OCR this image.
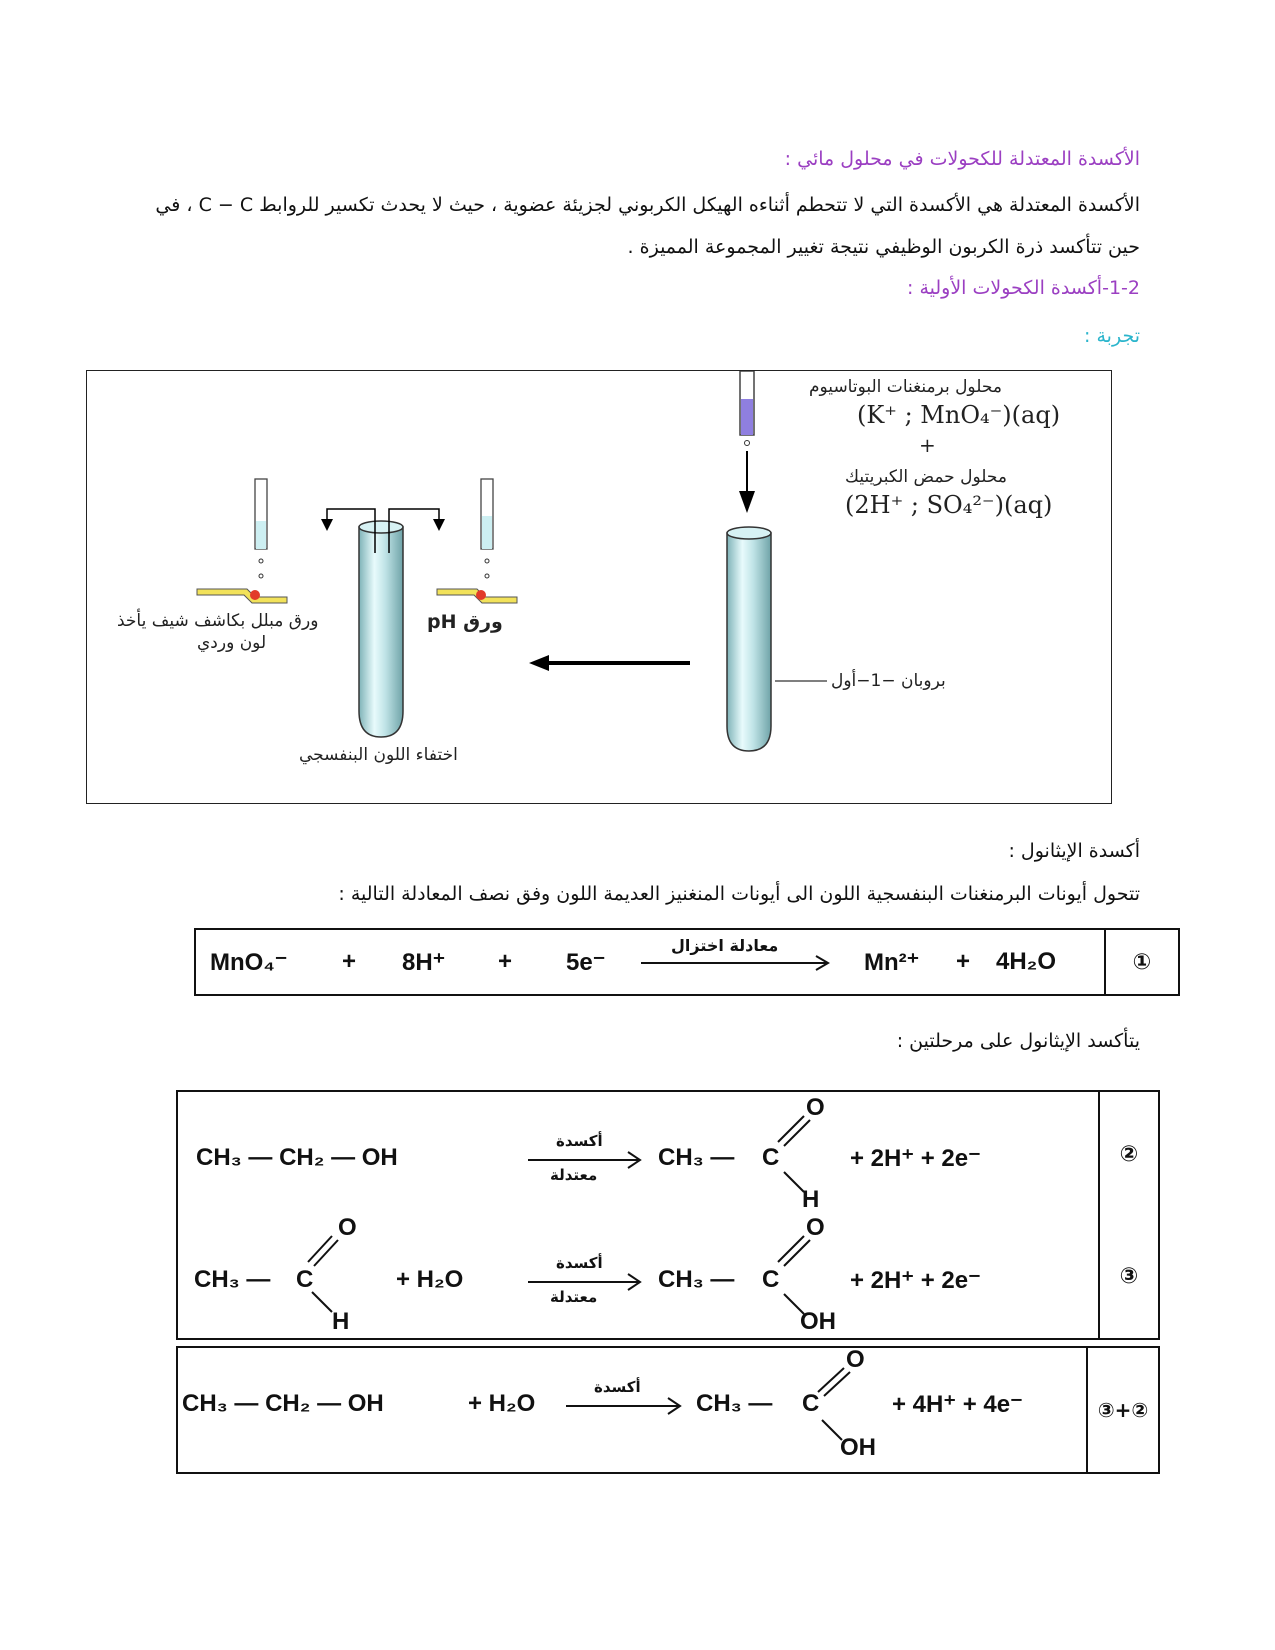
الأكسدة المعتدلة للكحولات في محلول مائي :
الأكسدة المعتدلة هي الأكسدة التي لا تتحطم أثناءه الهيكل الكربوني لجزيئة عضوية ، حيث لا يحدث تكسير للروابط C − C ، في
حين تتأكسد ذرة الكربون الوظيفي نتيجة تغيير المجموعة المميزة .
1-2-أكسدة الكحولات الأولية :
تجربة :
محلول برمنغنات البوتاسيوم
(K⁺ ; MnO₄⁻)(aq)
+
محلول حمض الكبريتيك
(2H⁺ ; SO₄²⁻)(aq)
ورق مبلل بكاشف شيف يأخذ
لون وردي
ورق pH
بروبان −1−أول
اختفاء اللون البنفسجي
أكسدة الإيثانول :
تتحول أيونات البرمنغنات البنفسجية اللون الى أيونات المنغنيز العديمة اللون وفق نصف المعادلة التالية :
①
MnO₄⁻ + 8H⁺ + 5e⁻
معادلة اختزال
Mn²⁺ + 4H₂O
يتأكسد الإيثانول على مرحلتين :
②
CH₃ — CH₂ — OH
أكسدة
معتدلة
CH₃ — C
O
H
+ 2H⁺ + 2e⁻
③
CH₃ — C
O
H
+ H₂O
أكسدة
معتدلة
CH₃ — C
O
OH
+ 2H⁺ + 2e⁻
③+②
CH₃ — CH₂ — OH	+ H₂O
أكسدة
CH₃ — C
O
OH
+ 4H⁺ + 4e⁻
